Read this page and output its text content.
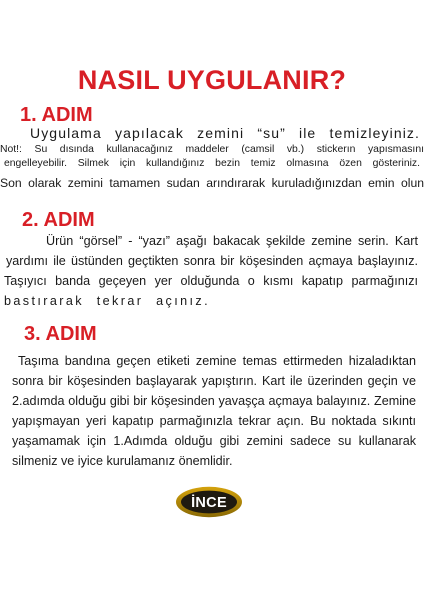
NASIL UYGULANIR?
1. ADIM
Uygulama yapılacak zemini “su” ile temizleyiniz.
Not!: Su dısında kullanacağınız maddeler (camsil vb.) stickerın yapısmasını
engelleyebilir. Silmek için kullandığınız bezin temiz olmasına özen gösteriniz.
Son olarak zemini tamamen sudan arındırarak kuruladığınızdan emin olun
2. ADIM
Ürün “görsel” - “yazı” aşağı bakacak şekilde zemine serin. Kart
yardımı ile üstünden geçtikten sonra bir köşesinden açmaya başlayınız.
Taşıyıcı banda geçeyen yer olduğunda o kısmı kapatıp parmağınızı
bastırarak tekrar açınız.
3. ADIM
Taşıma bandına geçen etiketi zemine temas ettirmeden hizaladıktan
sonra bir köşesinden başlayarak yapıştırın. Kart ile üzerinden geçin ve
2.adımda olduğu gibi bir köşesinden yavaşça açmaya balayınız. Zemine
yapışmayan yeri kapatıp parmağınızla tekrar açın. Bu noktada sıkıntı
yaşamamak için 1.Adımda olduğu gibi zemini sadece su kullanarak
silmeniz ve iyice kurulamanız önemlidir.
İNCE
